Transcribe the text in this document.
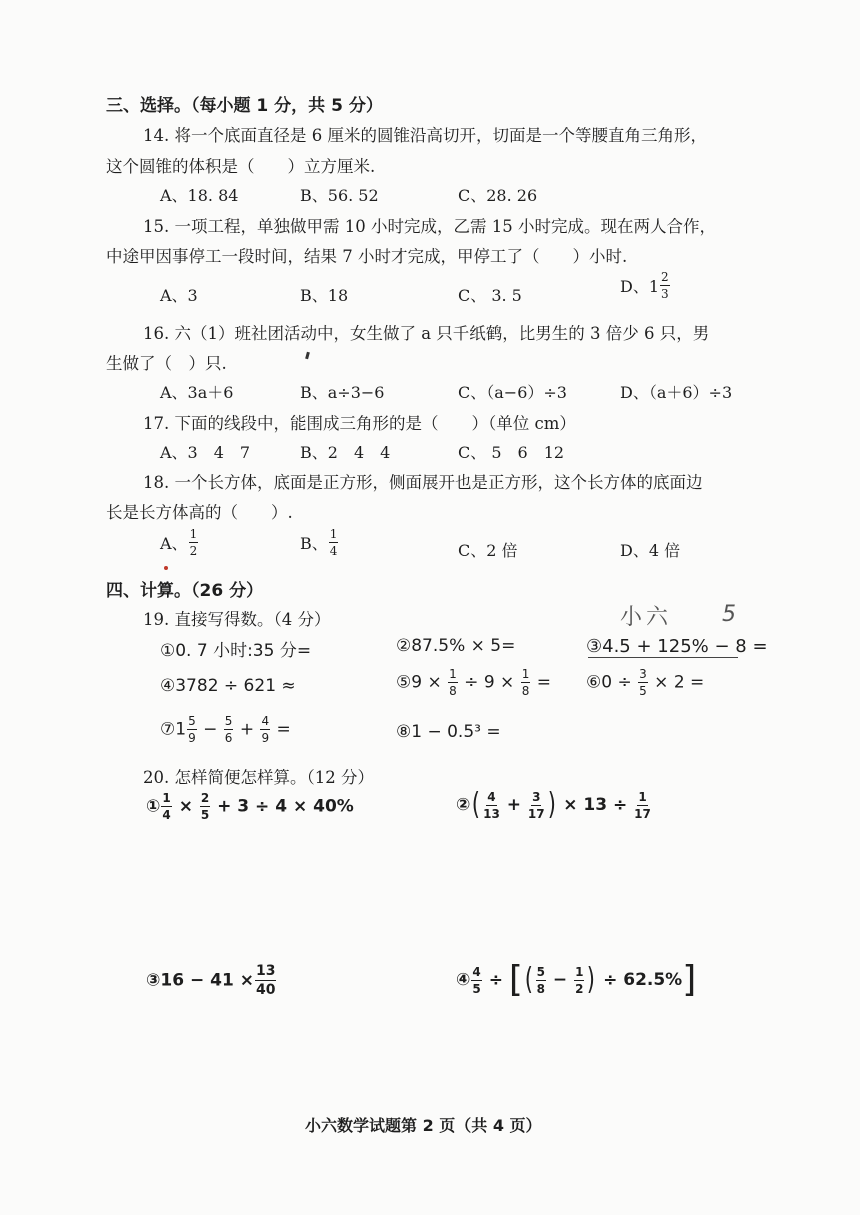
三、选择。（每小题 1 分，共 5 分）
14. 将一个底面直径是 6 厘米的圆锥沿高切开，切面是一个等腰直角三角形，
这个圆锥的体积是（　　）立方厘米.
A、18. 84	B、56. 52	C、28. 26
15. 一项工程，单独做甲需 10 小时完成，乙需 15 小时完成。现在两人合作，
中途甲因事停工一段时间，结果 7 小时才完成，甲停工了（　　）小时.
A、3	B、18	C、 3. 5	D、$1 \frac{2}{3}$
16. 六（1）班社团活动中，女生做了 a 只千纸鹤，比男生的 3 倍少 6 只，男
生做了（　）只.
A、3a＋6	B、a÷3−6	C、（a−6）÷3	D、（a＋6）÷3
17. 下面的线段中，能围成三角形的是（　　）（单位 cm）
A、3　4　7	B、2　4　4	C、 5　6　12
18. 一个长方体，底面是正方形，侧面展开也是正方形，这个长方体的底面边
长是长方体高的（　　）.
A、 $\frac{1}{2}$	B、 $\frac{1}{4}$	C、2 倍	D、4 倍
四、计算。（26 分）
19. 直接写得数。（4 分）	小六 5
①0. 7 小时:35 分=	②87.5% × 5=	③4.5 + 125% − 8 =
④3782 ÷ 621 ≈	⑤9 × $\frac{1}{8} \div 9 \times \frac{1}{8}$ = ⑥0 ÷ $\frac{3}{5} \times 2$ =
⑦1 $\frac{5}{9} - \frac{5}{6} + \frac{4}{9}$ =	⑧1 − 0.5³ =
20. 怎样简便怎样算。（12 分）
① $\frac{1}{4} \times \frac{2}{5} + 3 \div 4 \times 40\%$	②( $\frac{4}{13} + \frac{3}{17}$ ) × $13 \div \frac{1}{17}$
③16 − $41 \times \frac{13}{40}$	④ $\frac{4}{5}$ ÷ [( $\frac{5}{8} - \frac{1}{2}$ ) ÷ 62.5%]
小六数学试题第 2 页（共 4 页）
